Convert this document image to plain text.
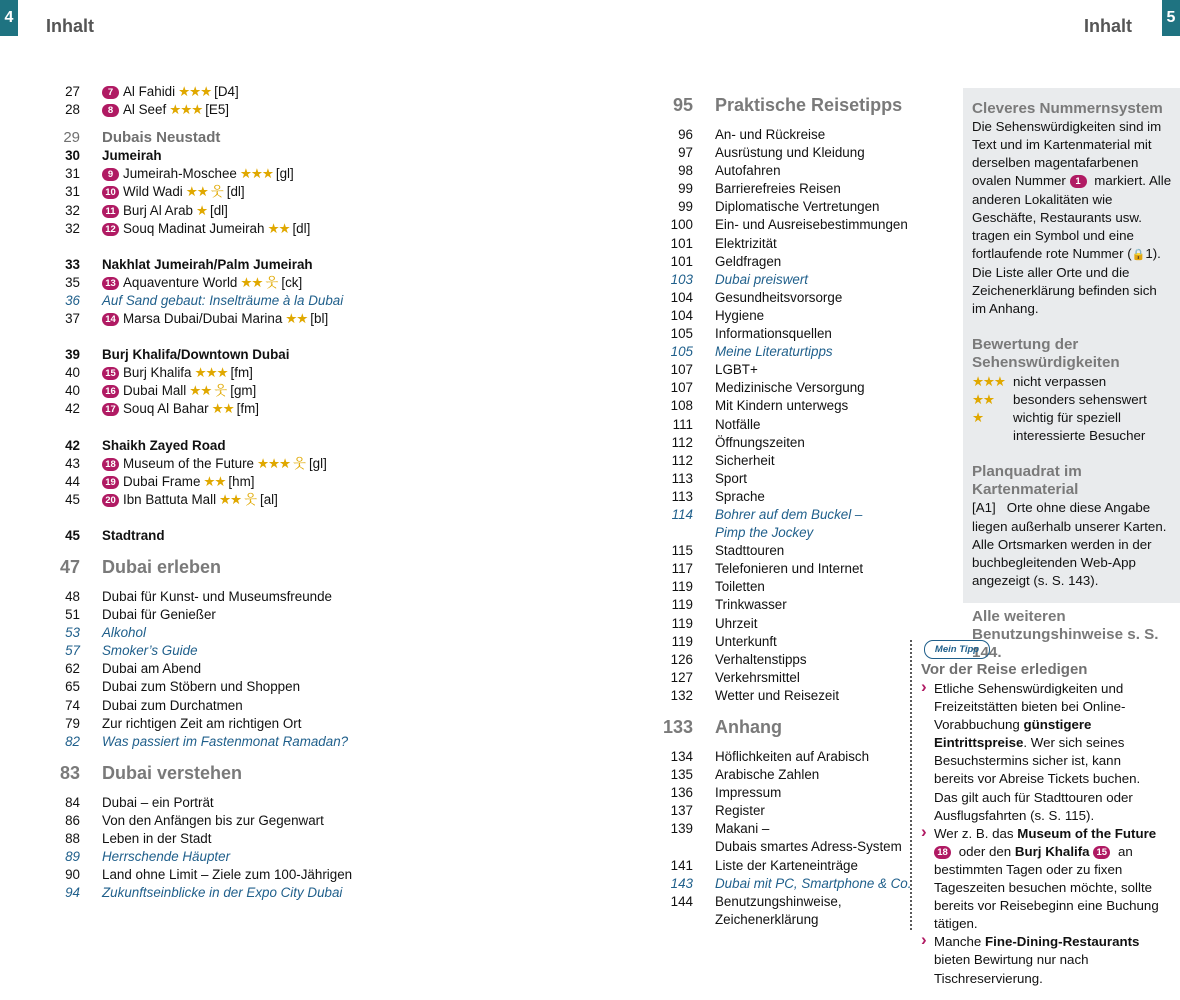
4 Inhalt	Inhalt 5
27	7 Al Fahidi ★★★ [D4]
28	8 Al Seef ★★★ [E5]
29	Dubais Neustadt
30	Jumeirah
31	9 Jumeirah-Moschee ★★★ [gl]
31	10 Wild Wadi ★★ 웃 [dl]
32	11 Burj Al Arab ★ [dl]
32	12 Souq Madinat Jumeirah ★★ [dl]
33	Nakhlat Jumeirah/Palm Jumeirah
35	13 Aquaventure World ★★ 웃 [ck]
36	Auf Sand gebaut: Inselträume à la Dubai
37	14 Marsa Dubai/Dubai Marina ★★ [bl]
39	Burj Khalifa/Downtown Dubai
40	15 Burj Khalifa ★★★ [fm]
40	16 Dubai Mall ★★ 웃 [gm]
42	17 Souq Al Bahar ★★ [fm]
42	Shaikh Zayed Road
43	18 Museum of the Future ★★★ 웃 [gl]
44	19 Dubai Frame ★★ [hm]
45	20 Ibn Battuta Mall ★★ 웃 [al]
45	Stadtrand
47	Dubai erleben
48	Dubai für Kunst- und Museumsfreunde
51	Dubai für Genießer
53	Alkohol
57	Smoker’s Guide
62	Dubai am Abend
65	Dubai zum Stöbern und Shoppen
74	Dubai zum Durchatmen
79	Zur richtigen Zeit am richtigen Ort
82	Was passiert im Fastenmonat Ramadan?
83	Dubai verstehen
84	Dubai – ein Porträt
86	Von den Anfängen bis zur Gegenwart
88	Leben in der Stadt
89	Herrschende Häupter
90	Land ohne Limit – Ziele zum 100-Jährigen
94	Zukunftseinblicke in der Expo City Dubai
95	Praktische Reisetipps
96	An- und Rückreise
97	Ausrüstung und Kleidung
98	Autofahren
99	Barrierefreies Reisen
99	Diplomatische Vertretungen
100	Ein- und Ausreisebestimmungen
101	Elektrizität
101	Geldfragen
103	Dubai preiswert
104	Gesundheitsvorsorge
104	Hygiene
105	Informationsquellen
105	Meine Literaturtipps
107	LGBT+
107	Medizinische Versorgung
108	Mit Kindern unterwegs
111	Notfälle
112	Öffnungszeiten
112	Sicherheit
113	Sport
113	Sprache
114	Bohrer auf dem Buckel –
Pimp the Jockey
115	Stadttouren
117	Telefonieren und Internet
119	Toiletten
119	Trinkwasser
119	Uhrzeit
119	Unterkunft
126	Verhaltenstipps
127	Verkehrsmittel
132	Wetter und Reisezeit
133	Anhang
134	Höflichkeiten auf Arabisch
135	Arabische Zahlen
136	Impressum
137	Register
139	Makani –
Dubais smartes Adress-System
141	Liste der Karteneinträge
143	Dubai mit PC, Smartphone & Co.
144	Benutzungshinweise,
Zeichenerklärung
Cleveres Nummernsystem
Die Sehenswürdigkeiten sind im Text und im Kartenmaterial mit derselben magentafarbenen ovalen Nummer 1 markiert. Alle anderen Lokalitäten wie Geschäfte, Restaurants usw. tragen ein Symbol und eine fortlaufende rote Nummer (🔒1). Die Liste aller Orte und die Zeichenerklärung befinden sich im Anhang.
Bewertung der Sehenswürdigkeiten
★★★ nicht verpassen
★★	besonders sehenswert
★	wichtig für speziell interessierte Besucher
Planquadrat im Kartenmaterial
[A1] Orte ohne diese Angabe liegen außerhalb unserer Karten. Alle Ortsmarken werden in der buchbegleitenden Web-App angezeigt (s. S. 143).
Alle weiteren Benutzungshinweise s. S. 144.
Mein Tipp
Vor der Reise erledigen
› Etliche Sehenswürdigkeiten und Freizeitstätten bieten bei Online-Vorabbuchung günstigere Eintrittspreise. Wer sich seines Besuchstermins sicher ist, kann bereits vor Abreise Tickets buchen. Das gilt auch für Stadttouren oder Ausflugsfahrten (s. S. 115).
› Wer z. B. das Museum of the Future 18 oder den Burj Khalifa 15 an bestimmten Tagen oder zu fixen Tageszeiten besuchen möchte, sollte bereits vor Reisebeginn eine Buchung tätigen.
› Manche Fine-Dining-Restaurants bieten Bewirtung nur nach Tischreservierung.
